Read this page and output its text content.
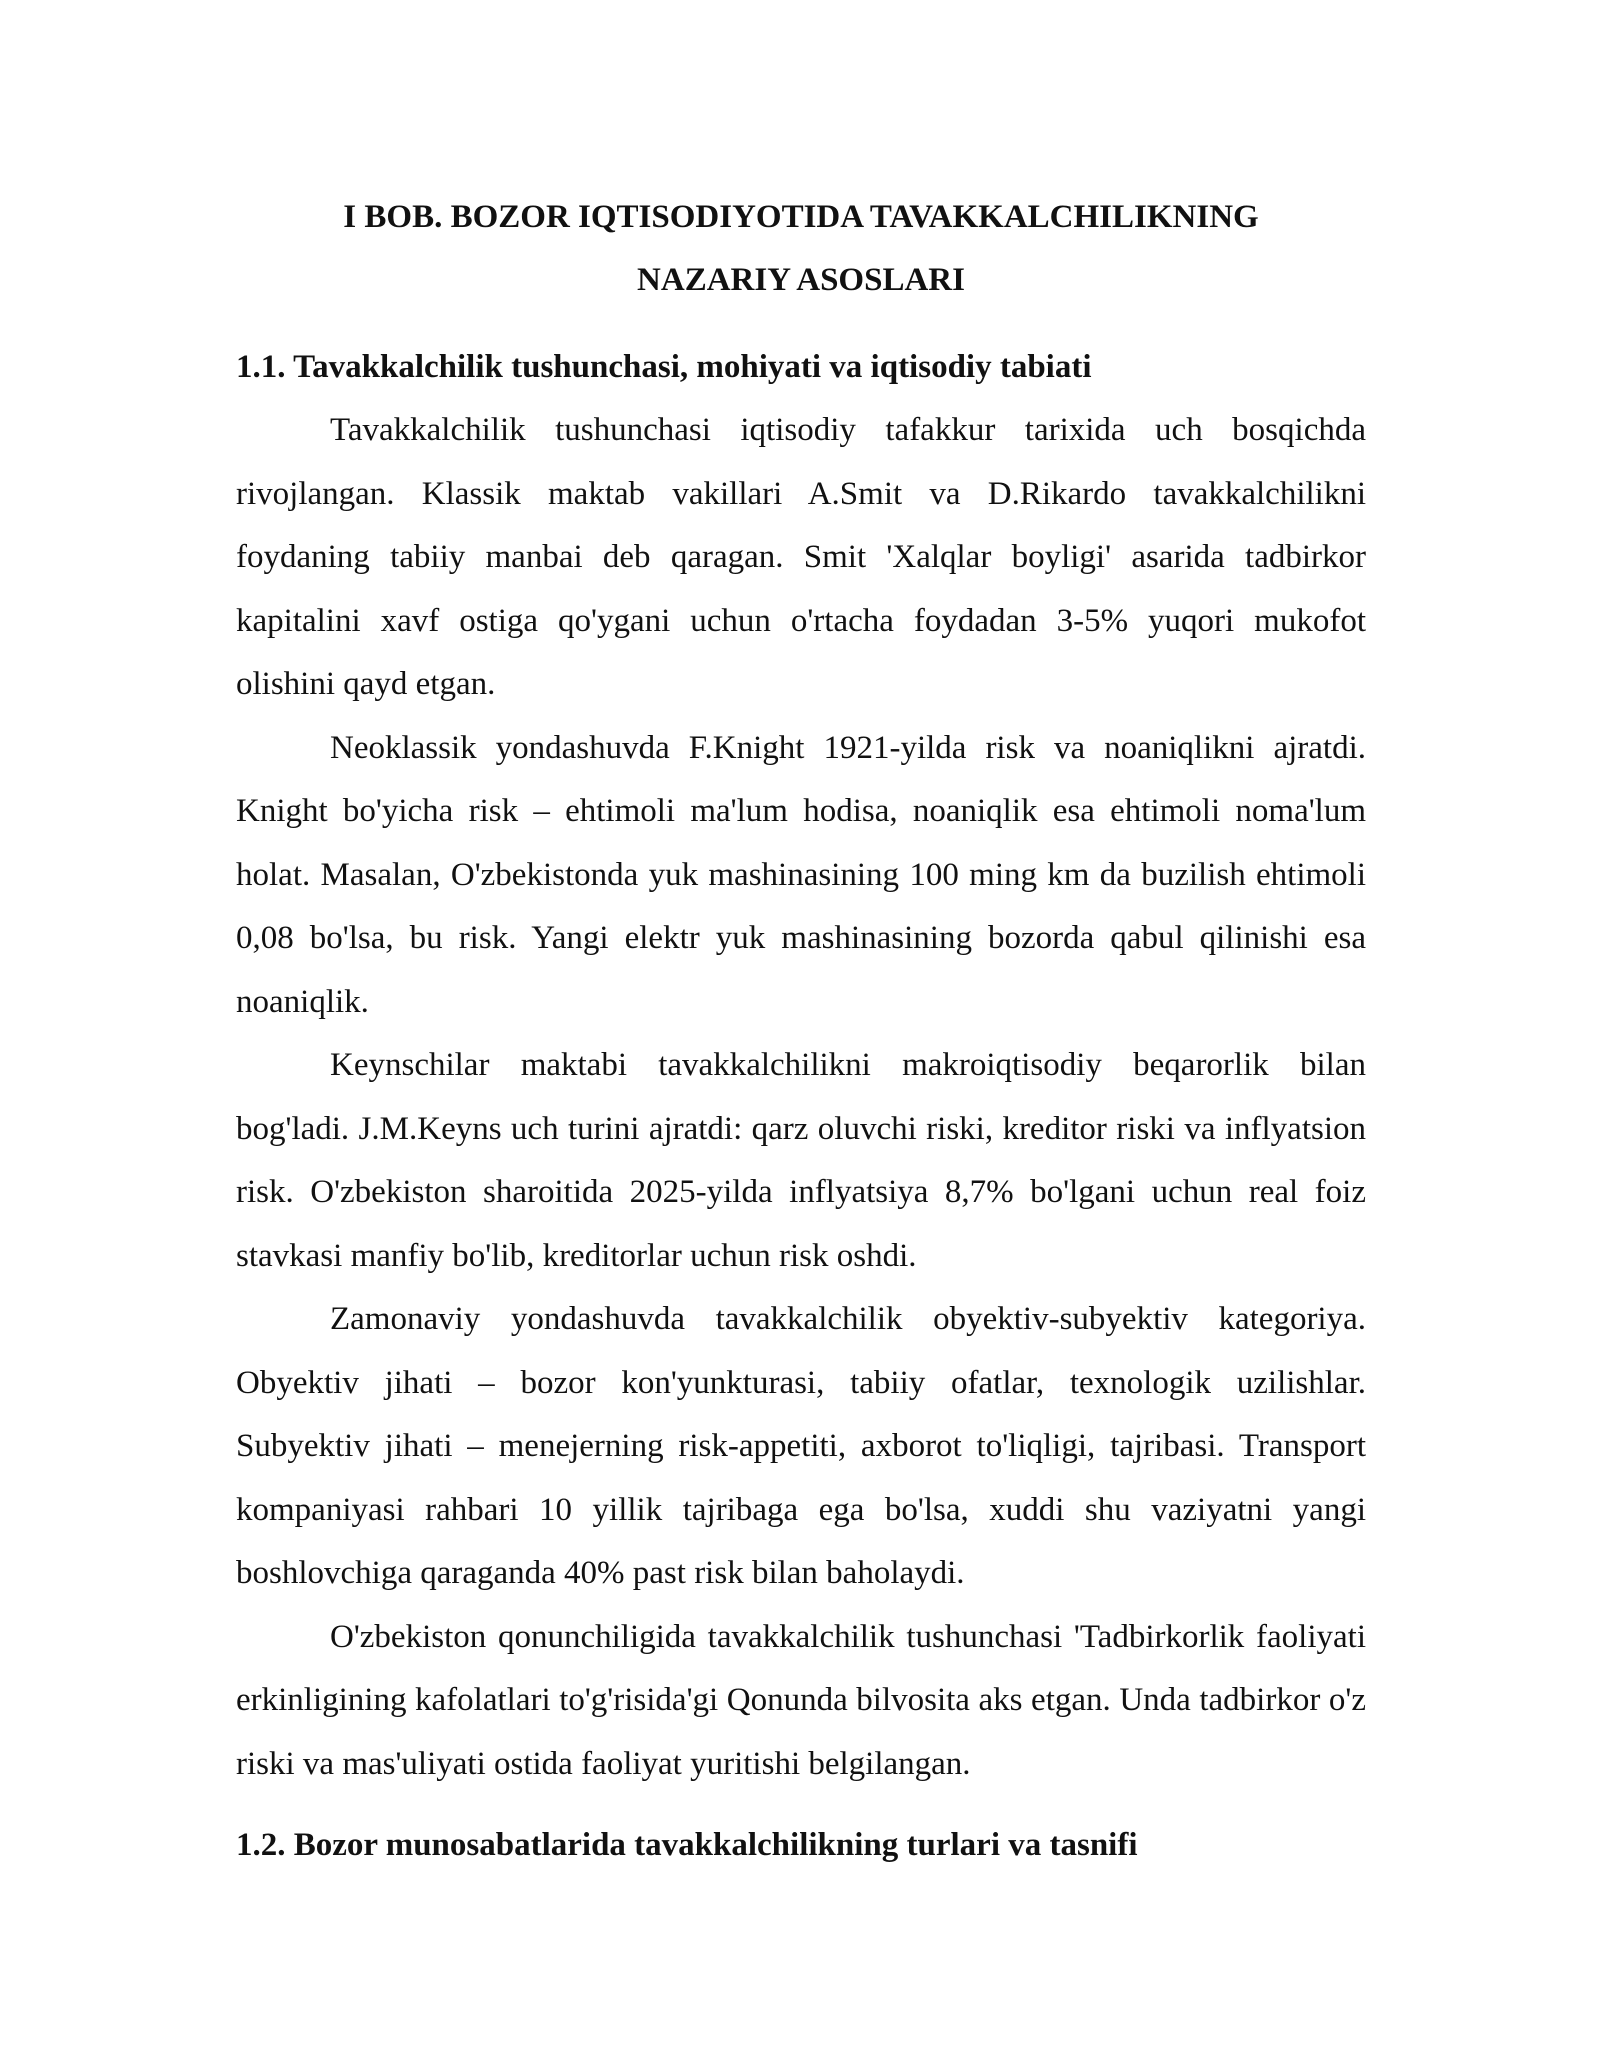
I BOB. BOZOR IQTISODIYOTIDA TAVAKKALCHILIKNING
NAZARIY ASOSLARI
1.1. Tavakkalchilik tushunchasi, mohiyati va iqtisodiy tabiati

Tavakkalchilik tushunchasi iqtisodiy tafakkur tarixida uch bosqichda rivojlangan. Klassik maktab vakillari A.Smit va D.Rikardo tavakkalchilikni foydaning tabiiy manbai deb qaragan. Smit 'Xalqlar boyligi' asarida tadbirkor kapitalini xavf ostiga qo'ygani uchun o'rtacha foydadan 3-5% yuqori mukofot olishini qayd etgan.

Neoklassik yondashuvda F.Knight 1921-yilda risk va noaniqlikni ajratdi. Knight bo'yicha risk – ehtimoli ma'lum hodisa, noaniqlik esa ehtimoli noma'lum holat. Masalan, O'zbekistonda yuk mashinasining 100 ming km da buzilish ehtimoli 0,08 bo'lsa, bu risk. Yangi elektr yuk mashinasining bozorda qabul qilinishi esa noaniqlik.

Keynschilar maktabi tavakkalchilikni makroiqtisodiy beqarorlik bilan bog'ladi. J.M.Keyns uch turini ajratdi: qarz oluvchi riski, kreditor riski va inflyatsion risk. O'zbekiston sharoitida 2025-yilda inflyatsiya 8,7% bo'lgani uchun real foiz stavkasi manfiy bo'lib, kreditorlar uchun risk oshdi.

Zamonaviy yondashuvda tavakkalchilik obyektiv-subyektiv kategoriya. Obyektiv jihati – bozor kon'yunkturasi, tabiiy ofatlar, texnologik uzilishlar. Subyektiv jihati – menejerning risk-appetiti, axborot to'liqligi, tajribasi. Transport kompaniyasi rahbari 10 yillik tajribaga ega bo'lsa, xuddi shu vaziyatni yangi boshlovchiga qaraganda 40% past risk bilan baholaydi.

O'zbekiston qonunchiligida tavakkalchilik tushunchasi 'Tadbirkorlik faoliyati erkinligining kafolatlari to'g'risida'gi Qonunda bilvosita aks etgan. Unda tadbirkor o'z riski va mas'uliyati ostida faoliyat yuritishi belgilangan.

1.2. Bozor munosabatlarida tavakkalchilikning turlari va tasnifi
